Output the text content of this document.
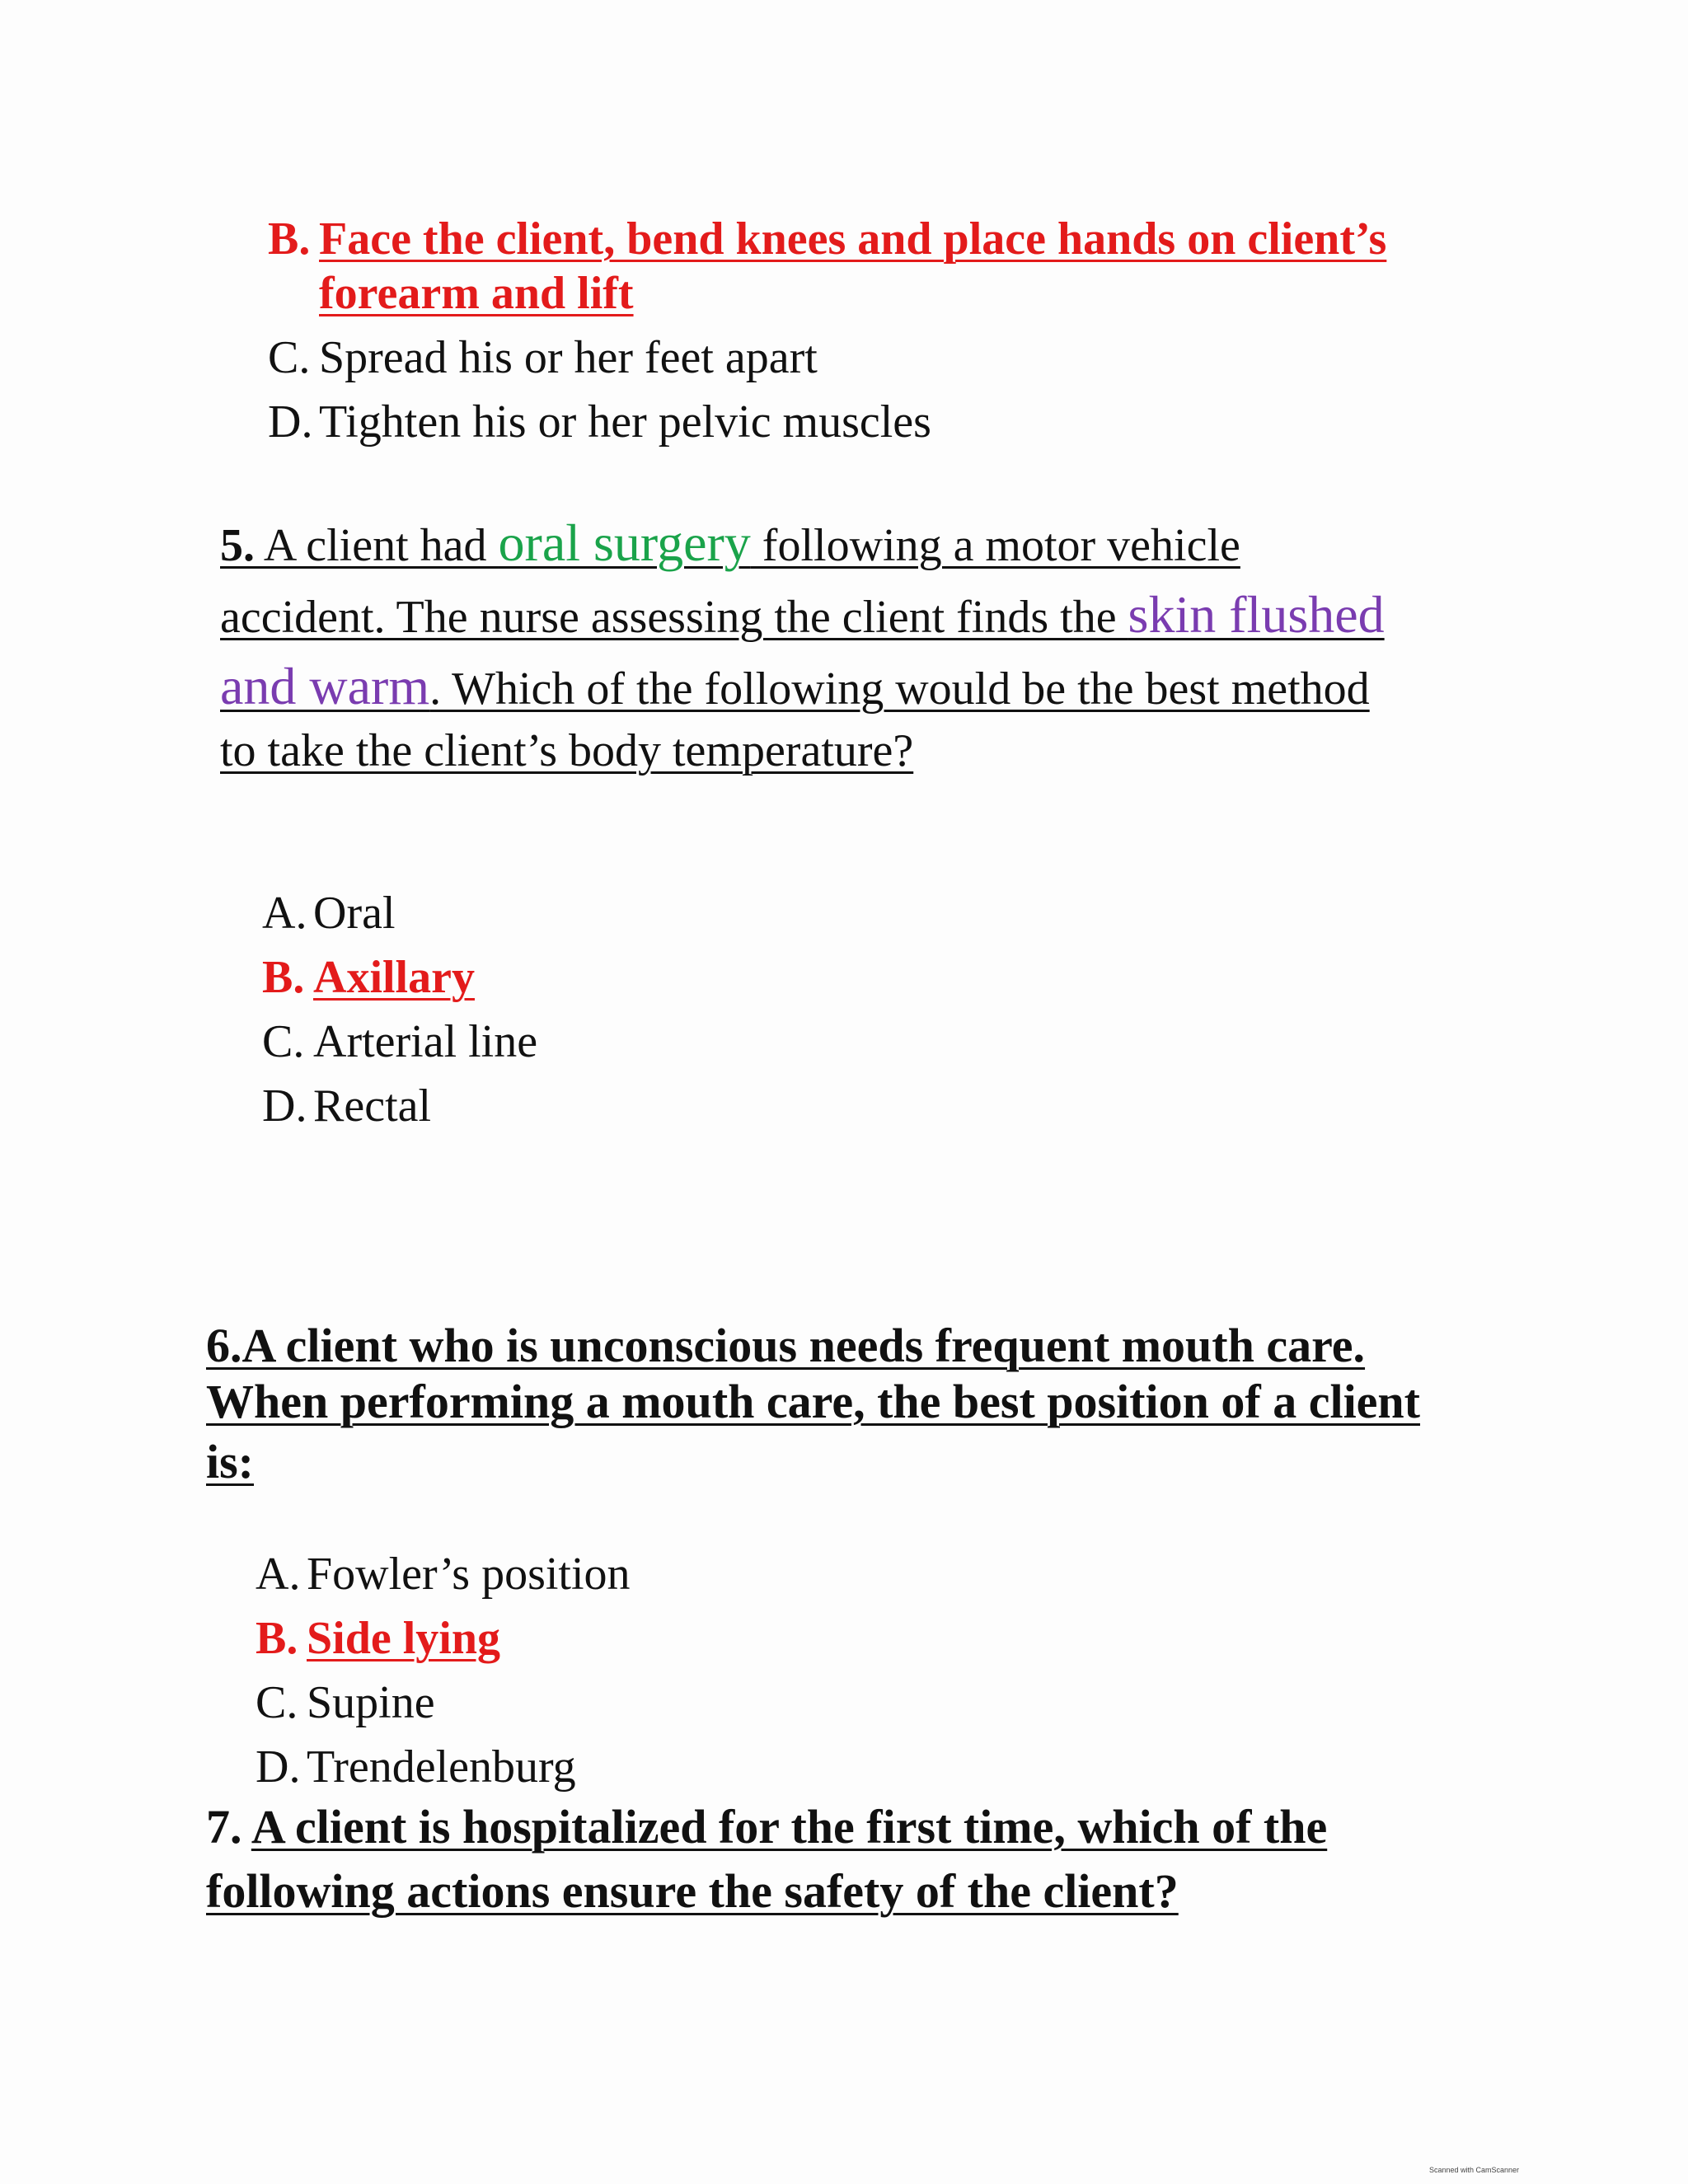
B. Face the client, bend knees and place hands on client’s
forearm and lift
C. Spread his or her feet apart
D. Tighten his or her pelvic muscles
5. A client had oral surgery following a motor vehicle
accident. The nurse assessing the client finds the skin flushed
and warm. Which of the following would be the best method
to take the client’s body temperature?
A. Oral
B. Axillary
C. Arterial line
D. Rectal
6.A client who is unconscious needs frequent mouth care.
When performing a mouth care, the best position of a client
is:
A. Fowler’s position
B. Side lying
C. Supine
D. Trendelenburg
7. A client is hospitalized for the first time, which of the
following actions ensure the safety of the client?
Scanned with CamScanner
